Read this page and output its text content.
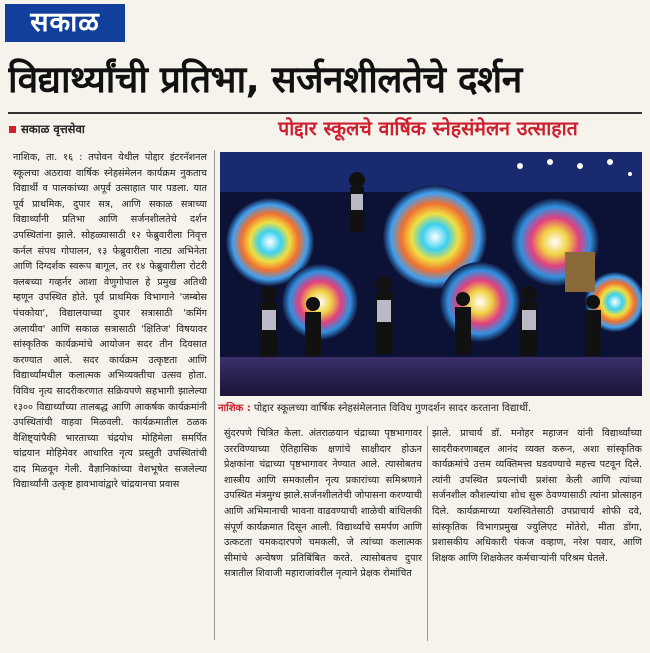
सकाळ
विद्यार्थ्यांची प्रतिभा, सर्जनशीलतेचे दर्शन
सकाळ वृत्तसेवा	पोद्दार स्कूलचे वार्षिक स्नेहसंमेलन उत्साहात
नाशिक, ता. १६ : तपोवन येथील पोद्दार इंटरनॅशनल स्कूलचा अठरावा वार्षिक स्नेहसंमेलन कार्यक्रम नुकताच विद्यार्थी व पालकांच्या अपूर्व उत्साहात पार पडला. यात पूर्व प्राथमिक, दुपार सत्र, आणि सकाळ सत्राच्या विद्यार्थ्यांनी प्रतिभा आणि सर्जनशीलतेचे दर्शन उपस्थितांना झाले. सोहळ्यासाठी १२ फेब्रुवारीला निवृत्त कर्नल संपथ गोपालन, १३ फेब्रुवारीला नाट्य अभिनेता आणि दिग्दर्शक स्वरूप बागूल, तर १४ फेब्रुवारीला रोटरी क्लबच्या गव्हर्नर आशा वेणुगोपाल हे प्रमुख अतिथी म्हणून उपस्थित होते. पूर्व प्राथमिक विभागाने 'जम्बोस पंचकोया', विद्यालयाच्या दुपार सत्रासाठी 'कमिंग अलायीव' आणि सकाळ सत्रासाठी 'क्षितिज' विषयावर सांस्कृतिक कार्यक्रमांचे आयोजन सदर तीन दिवसात करण्यात आले. सदर कार्यक्रम उत्कृष्टता आणि विद्यार्थ्यांमधील कलात्मक अभिव्यक्तीचा उत्सव होता. विविध नृत्य सादरीकरणात सक्रियपणे सहभागी झालेल्या १३०० विद्यार्थ्यांच्या तालबद्ध आणि आकर्षक कार्यक्रमांनी उपस्थितांची वाहवा मिळवली. कार्यक्रमातील ठळक वैशिष्ट्यांपैकी भारताच्या चंद्रयोध मोहिमेला समर्पित चांद्रयान मोहिमेवर आधारित नृत्य प्रस्तुती उपस्थितांची दाद मिळवून गेली. वैज्ञानिकांच्या वेशभूषेत सजलेल्या विद्यार्थ्यांनी उत्कृष्ट हावभावांद्वारे चांद्रयानचा प्रवास
नाशिक : पोद्दार स्कूलच्या वार्षिक स्नेहसंमेलनात विविध गुणदर्शन सादर करताना विद्यार्थी.
सुंदरपणे चित्रित केला. अंतराळयान चंद्राच्या पृष्ठभागावर उररविण्याच्या ऐतिहासिक क्षणांचे साक्षीदार होऊन प्रेक्षकांना चंद्राच्या पृष्ठभागावर नेण्यात आले. त्यासोबतच शास्त्रीय आणि समकालीन नृत्य प्रकारांच्या समिश्रणाने उपस्थित मंत्रमुग्ध झाले.सर्जनशीलतेची जोपासना करण्याची आणि अभिमानाची भावना वाढवण्याची शाळेची बांधिलकी संपूर्ण कार्यक्रमात दिसून आली. विद्यार्थ्यांचे समर्पण आणि उत्कटता चमकदारपणे चमकली, जे त्यांच्या कलात्मक सीमांचे अन्वेषण प्रतिबिंबित करते. त्यासोबतच दुपार सत्रातील शिवाजी महाराजांवरील नृत्याने प्रेक्षक रोमांचित
झाले. प्राचार्य डॉ. मनोहर महाजन यांनी विद्यार्थ्यांच्या सादरीकरणाबद्दल आनंद व्यक्त करून, अशा सांस्कृतिक कार्यक्रमांचे उत्तम व्यक्तिमत्त्व घडवण्याचे महत्त्व पटवून दिले. त्यांनी उपस्थित प्रयत्नांची प्रशंसा केली आणि त्यांच्या सर्जनशील कौशल्यांचा शोध सुरू ठेवण्यासाठी त्यांना प्रोत्साहन दिले. कार्यक्रमाच्या यशस्वितेसाठी उपप्राचार्य शोफी दवे, सांस्कृतिक विभागप्रमुख ज्युलिएट मोंतेरो, मीता डोंगा, प्रशासकीय अधिकारी पंकज वव्हाण, नरेश पवार, आणि शिक्षक आणि शिक्षकेतर कर्मचाऱ्यांनी परिश्रम घेतले.
